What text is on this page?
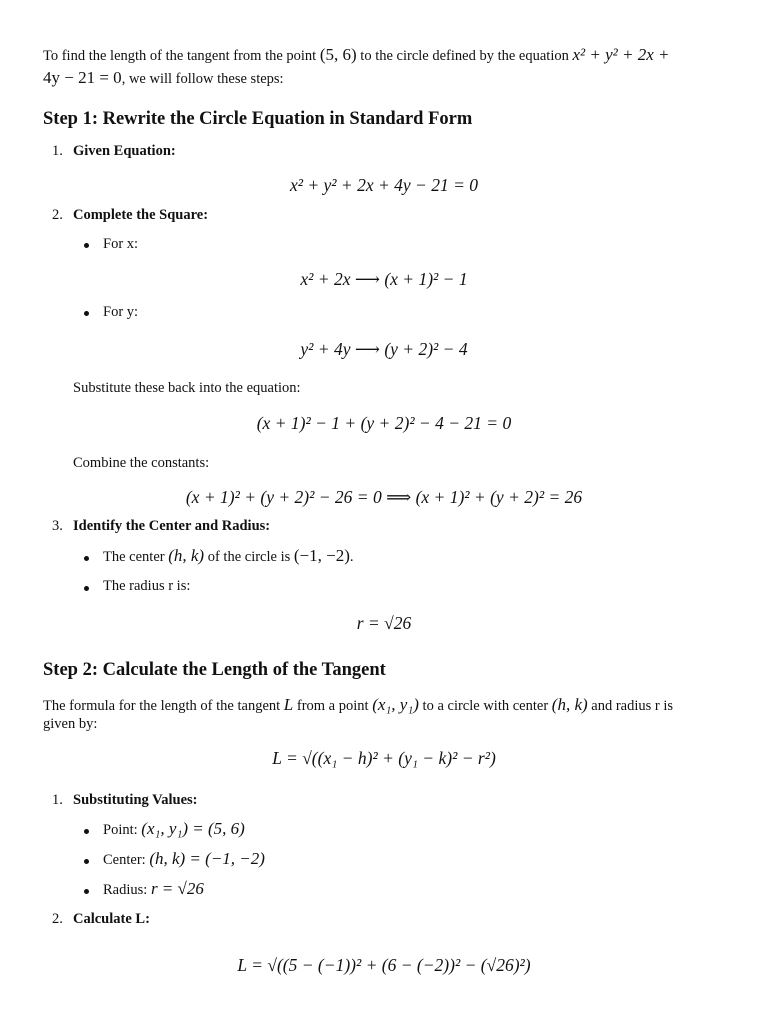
To find the length of the tangent from the point (5, 6) to the circle defined by the equation x² + y² + 2x +
4y − 21 = 0, we will follow these steps:
Step 1: Rewrite the Circle Equation in Standard Form
1. Given Equation:
x² + y² + 2x + 4y − 21 = 0
2. Complete the Square:
For x:
x² + 2x ⟶ (x + 1)² − 1
For y:
y² + 4y ⟶ (y + 2)² − 4
Substitute these back into the equation:
(x + 1)² − 1 + (y + 2)² − 4 − 21 = 0
Combine the constants:
(x + 1)² + (y + 2)² − 26 = 0 ⟹ (x + 1)² + (y + 2)² = 26
3. Identify the Center and Radius:
The center (h, k) of the circle is (−1, −2).
The radius r is:
r = √26
Step 2: Calculate the Length of the Tangent
The formula for the length of the tangent L from a point (x₁, y₁) to a circle with center (h, k) and radius r is
given by:
L = √((x₁ − h)² + (y₁ − k)² − r²)
1. Substituting Values:
Point: (x₁, y₁) = (5, 6)
Center: (h, k) = (−1, −2)
Radius: r = √26
2. Calculate L:
L = √((5 − (−1))² + (6 − (−2))² − (√26)²)
